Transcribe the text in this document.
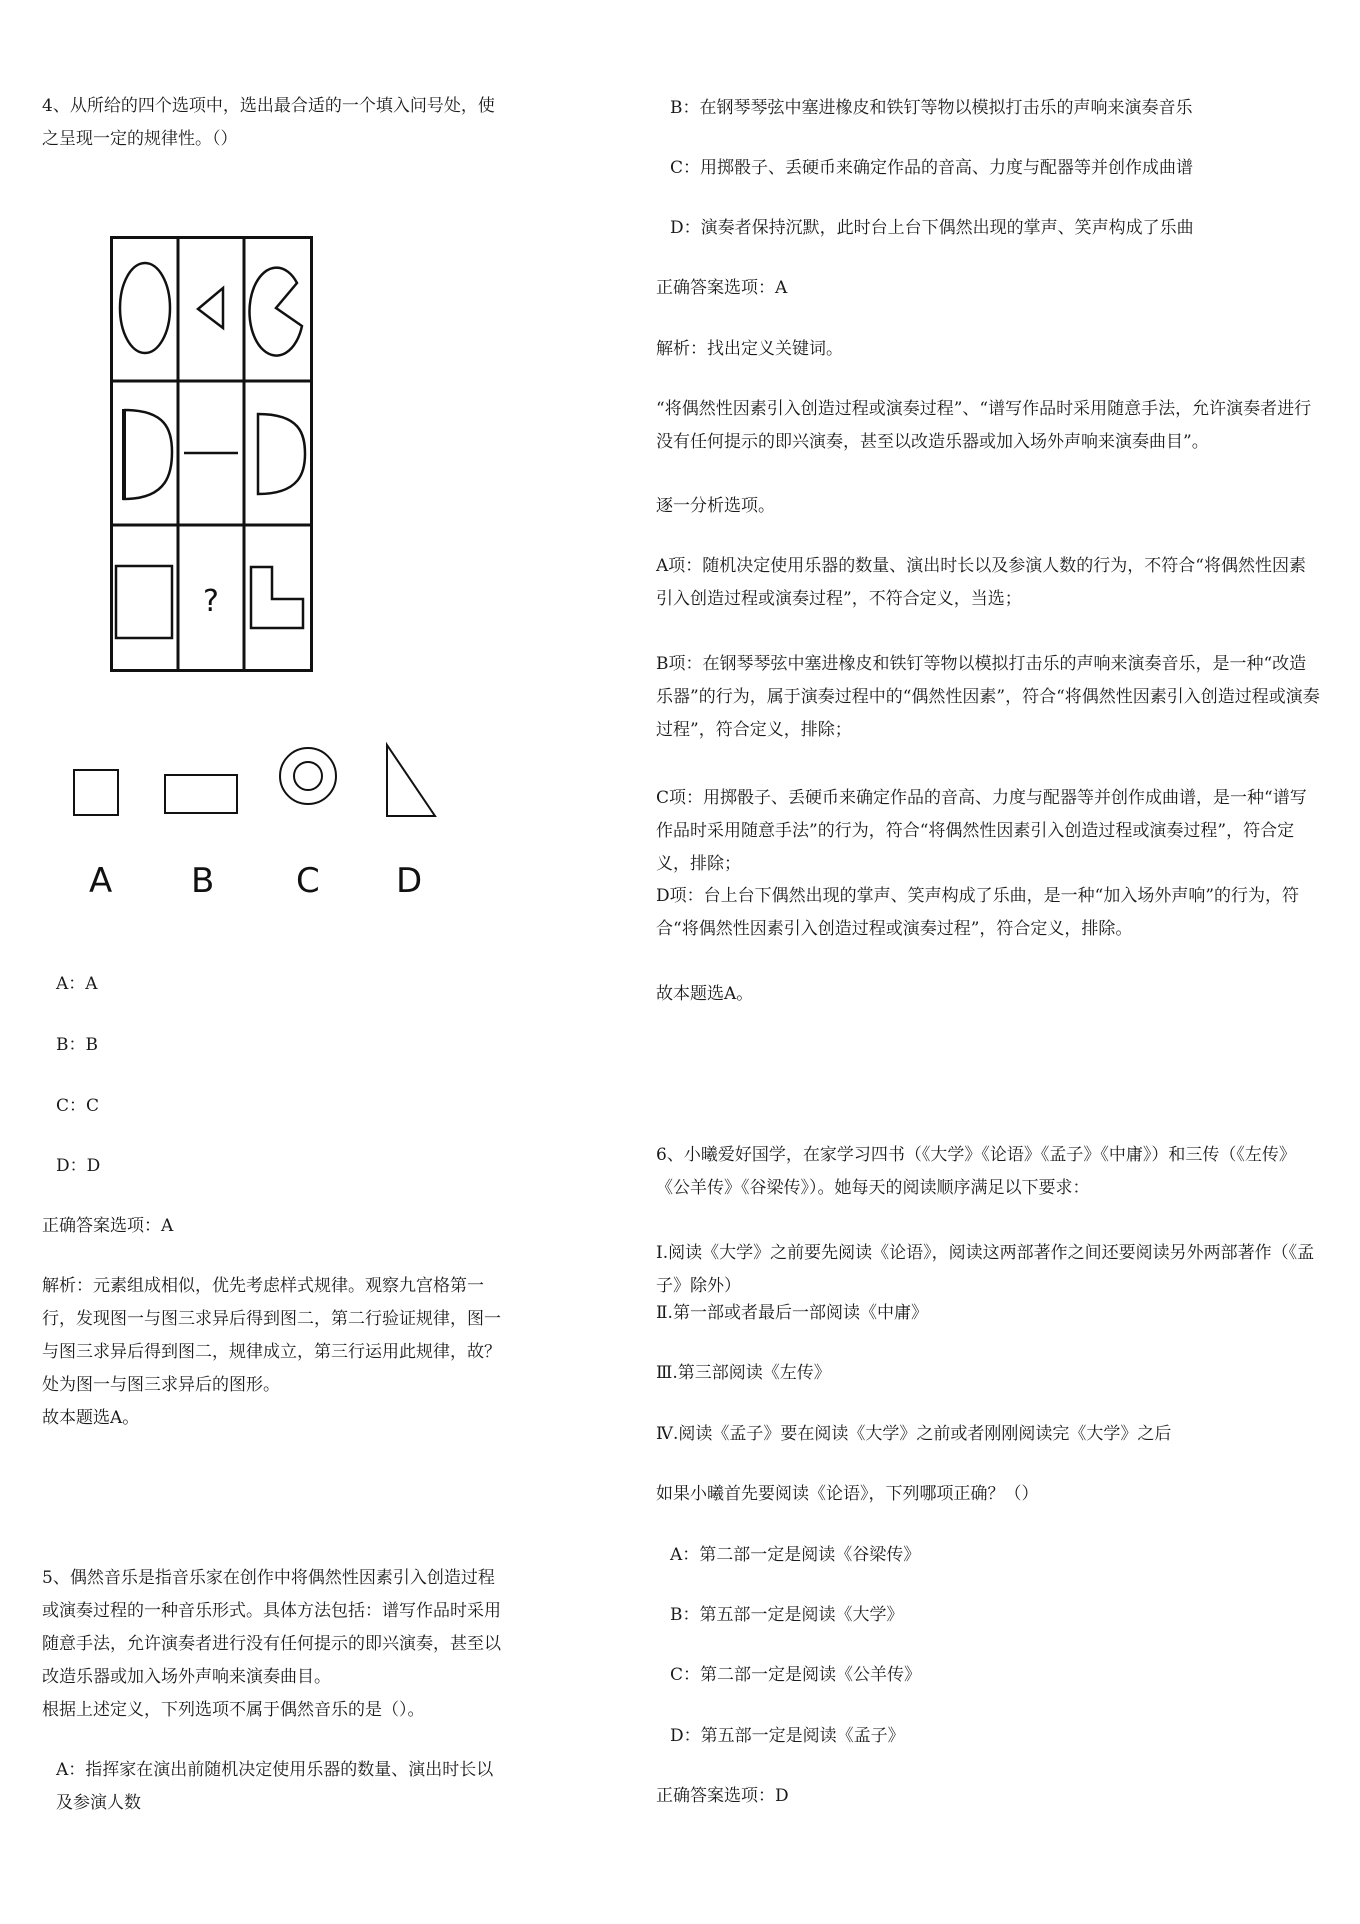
4、从所给的四个选项中，选出最合适的一个填入问号处，使之呈现一定的规律性。（）

?
A B C D

A：A

B：B

C：C

D：D

正确答案选项：A

解析：元素组成相似，优先考虑样式规律。观察九宫格第一行，发现图一与图三求异后得到图二，第二行验证规律，图一与图三求异后得到图二，规律成立，第三行运用此规律，故？处为图一与图三求异后的图形。

故本题选A。

5、偶然音乐是指音乐家在创作中将偶然性因素引入创造过程或演奏过程的一种音乐形式。具体方法包括：谱写作品时采用随意手法，允许演奏者进行没有任何提示的即兴演奏，甚至以改造乐器或加入场外声响来演奏曲目。

根据上述定义，下列选项不属于偶然音乐的是（）。

A：指挥家在演出前随机决定使用乐器的数量、演出时长以及参演人数

B：在钢琴琴弦中塞进橡皮和铁钉等物以模拟打击乐的声响来演奏音乐

C：用掷骰子、丢硬币来确定作品的音高、力度与配器等并创作成曲谱

D：演奏者保持沉默，此时台上台下偶然出现的掌声、笑声构成了乐曲

正确答案选项：A

解析：找出定义关键词。

“将偶然性因素引入创造过程或演奏过程”、“谱写作品时采用随意手法，允许演奏者进行没有任何提示的即兴演奏，甚至以改造乐器或加入场外声响来演奏曲目”。

逐一分析选项。

A项：随机决定使用乐器的数量、演出时长以及参演人数的行为，不符合“将偶然性因素引入创造过程或演奏过程”，不符合定义，当选；

B项：在钢琴琴弦中塞进橡皮和铁钉等物以模拟打击乐的声响来演奏音乐，是一种“改造乐器”的行为，属于演奏过程中的“偶然性因素”，符合“将偶然性因素引入创造过程或演奏过程”，符合定义，排除；

C项：用掷骰子、丢硬币来确定作品的音高、力度与配器等并创作成曲谱，是一种“谱写作品时采用随意手法”的行为，符合“将偶然性因素引入创造过程或演奏过程”，符合定义，排除；

D项：台上台下偶然出现的掌声、笑声构成了乐曲，是一种“加入场外声响”的行为，符合“将偶然性因素引入创造过程或演奏过程”，符合定义，排除。

故本题选A。

6、小曦爱好国学，在家学习四书（《大学》《论语》《孟子》《中庸》）和三传（《左传》《公羊传》《谷梁传》）。她每天的阅读顺序满足以下要求：

Ⅰ.阅读《大学》之前要先阅读《论语》，阅读这两部著作之间还要阅读另外两部著作（《孟子》除外）

Ⅱ.第一部或者最后一部阅读《中庸》

Ⅲ.第三部阅读《左传》

Ⅳ.阅读《孟子》要在阅读《大学》之前或者刚刚阅读完《大学》之后

如果小曦首先要阅读《论语》，下列哪项正确？（）

A：第二部一定是阅读《谷梁传》

B：第五部一定是阅读《大学》

C：第二部一定是阅读《公羊传》

D：第五部一定是阅读《孟子》

正确答案选项：D
